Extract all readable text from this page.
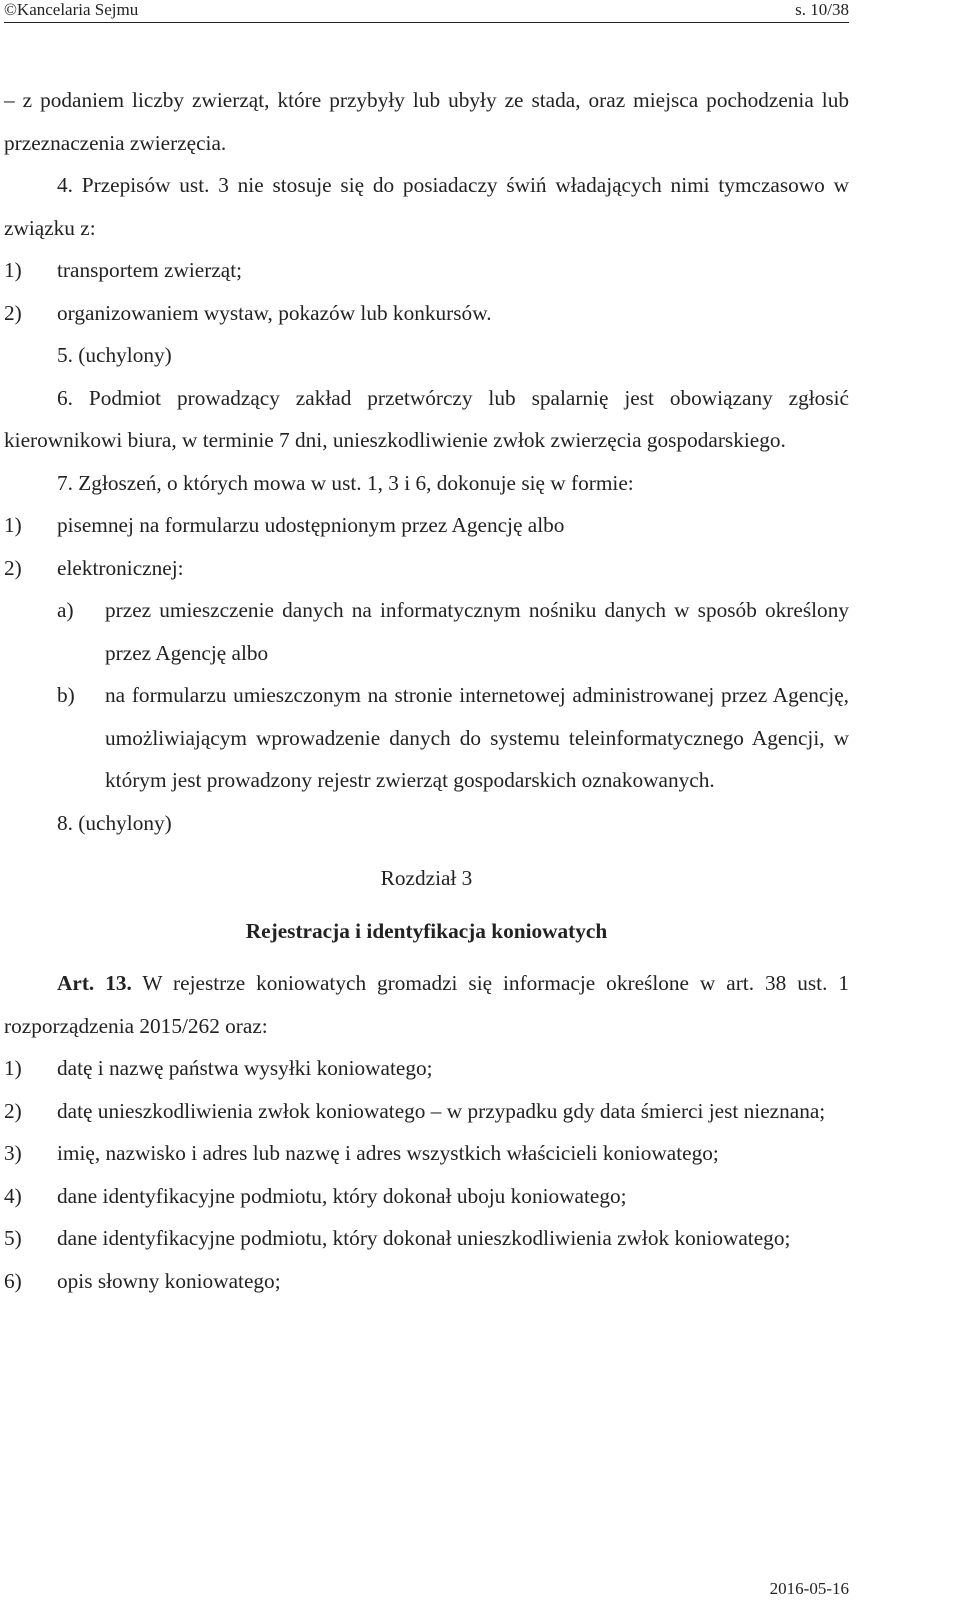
©Kancelaria Sejmu	s. 10/38
– z podaniem liczby zwierząt, które przybyły lub ubyły ze stada, oraz miejsca pochodzenia lub przeznaczenia zwierzęcia.
4. Przepisów ust. 3 nie stosuje się do posiadaczy świń władających nimi tymczasowo w związku z:
1)	transportem zwierząt;
2)	organizowaniem wystaw, pokazów lub konkursów.
5. (uchylony)
6. Podmiot prowadzący zakład przetwórczy lub spalarnię jest obowiązany zgłosić kierownikowi biura, w terminie 7 dni, unieszkodliwienie zwłok zwierzęcia gospodarskiego.
7. Zgłoszeń, o których mowa w ust. 1, 3 i 6, dokonuje się w formie:
1)	pisemnej na formularzu udostępnionym przez Agencję albo
2)	elektronicznej:
a)	przez umieszczenie danych na informatycznym nośniku danych w sposób określony przez Agencję albo
b)	na formularzu umieszczonym na stronie internetowej administrowanej przez Agencję, umożliwiającym wprowadzenie danych do systemu teleinformatycznego Agencji, w którym jest prowadzony rejestr zwierząt gospodarskich oznakowanych.
8. (uchylony)
Rozdział 3
Rejestracja i identyfikacja koniowatych
Art. 13. W rejestrze koniowatych gromadzi się informacje określone w art. 38 ust. 1 rozporządzenia 2015/262 oraz:
1)	datę i nazwę państwa wysyłki koniowatego;
2)	datę unieszkodliwienia zwłok koniowatego – w przypadku gdy data śmierci jest nieznana;
3)	imię, nazwisko i adres lub nazwę i adres wszystkich właścicieli koniowatego;
4)	dane identyfikacyjne podmiotu, który dokonał uboju koniowatego;
5)	dane identyfikacyjne podmiotu, który dokonał unieszkodliwienia zwłok koniowatego;
6)	opis słowny koniowatego;
2016-05-16
